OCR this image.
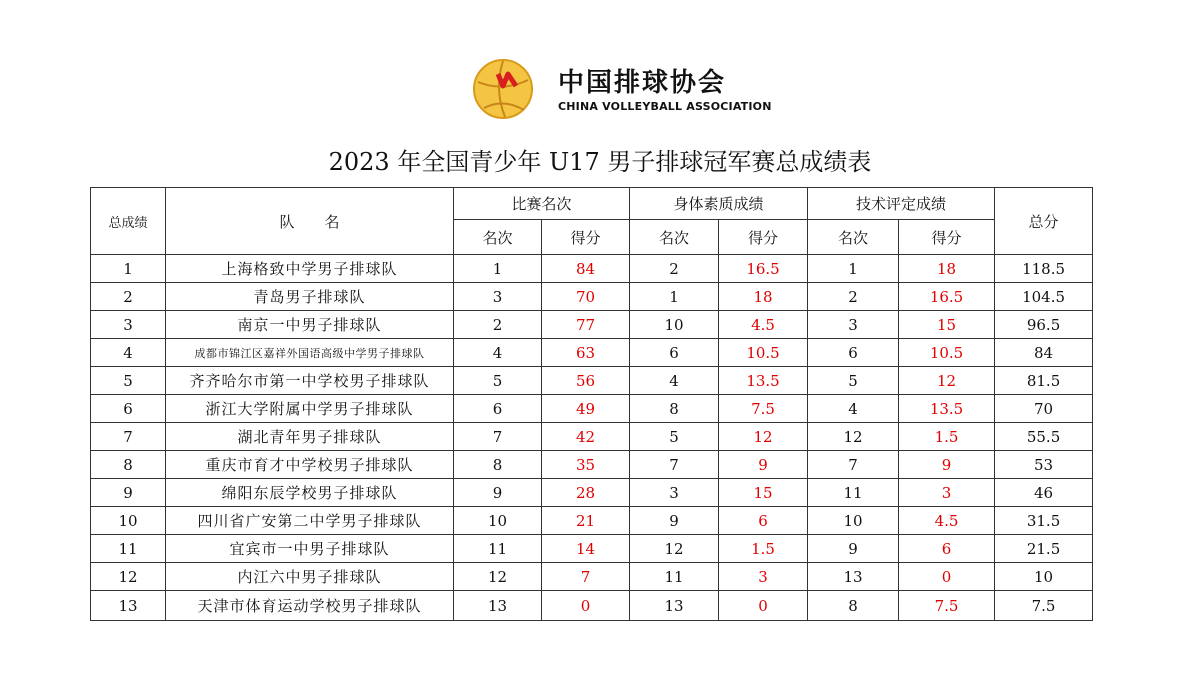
中国排球协会
CHINA VOLLEYBALL ASSOCIATION
2023 年全国青少年 U17 男子排球冠军赛总成绩表
总成绩	队　　名	比赛名次		身体素质成绩		技术评定成绩		总分
		名次	得分	名次	得分	名次	得分	
1	上海格致中学男子排球队	1	84	2	16.5	1	18	118.5
2	青岛男子排球队	3	70	1	18	2	16.5	104.5
3	南京一中男子排球队	2	77	10	4.5	3	15	96.5
4	成都市锦江区嘉祥外国语高级中学男子排球队	4	63	6	10.5	6	10.5	84
5	齐齐哈尔市第一中学校男子排球队	5	56	4	13.5	5	12	81.5
6	浙江大学附属中学男子排球队	6	49	8	7.5	4	13.5	70
7	湖北青年男子排球队	7	42	5	12	12	1.5	55.5
8	重庆市育才中学校男子排球队	8	35	7	9	7	9	53
9	绵阳东辰学校男子排球队	9	28	3	15	11	3	46
10	四川省广安第二中学男子排球队	10	21	9	6	10	4.5	31.5
11	宜宾市一中男子排球队	11	14	12	1.5	9	6	21.5
12	内江六中男子排球队	12	7	11	3	13	0	10
13	天津市体育运动学校男子排球队	13	0	13	0	8	7.5	7.5
